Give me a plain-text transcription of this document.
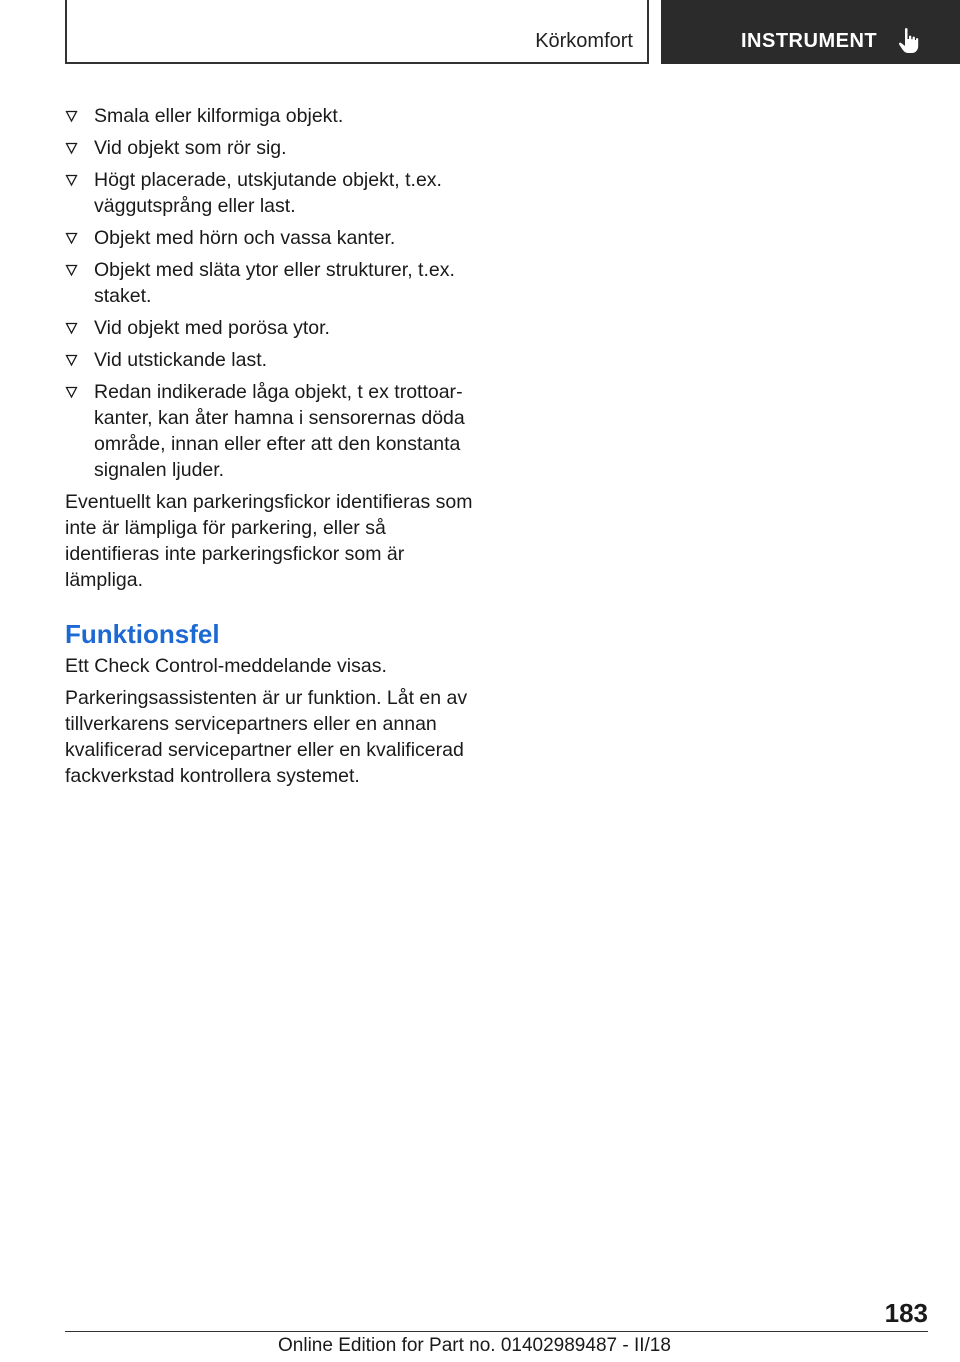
Körkomfort	INSTRUMENT
Smala eller kilformiga objekt.
Vid objekt som rör sig.
Högt placerade, utskjutande objekt, t.ex. väggutsprång eller last.
Objekt med hörn och vassa kanter.
Objekt med släta ytor eller strukturer, t.ex. staket.
Vid objekt med porösa ytor.
Vid utstickande last.
Redan indikerade låga objekt, t ex trottoarkanter, kan åter hamna i sensorernas döda område, innan eller efter att den konstanta signalen ljuder.

Eventuellt kan parkeringsfickor identifieras som inte är lämpliga för parkering, eller så identifieras inte parkeringsfickor som är lämpliga.

Funktionsfel

Ett Check Control-meddelande visas.

Parkeringsassistenten är ur funktion. Låt en av tillverkarens servicepartners eller en annan kvalificerad servicepartner eller en kvalificerad fackverkstad kontrollera systemet.

183
Online Edition for Part no. 01402989487 - II/18
